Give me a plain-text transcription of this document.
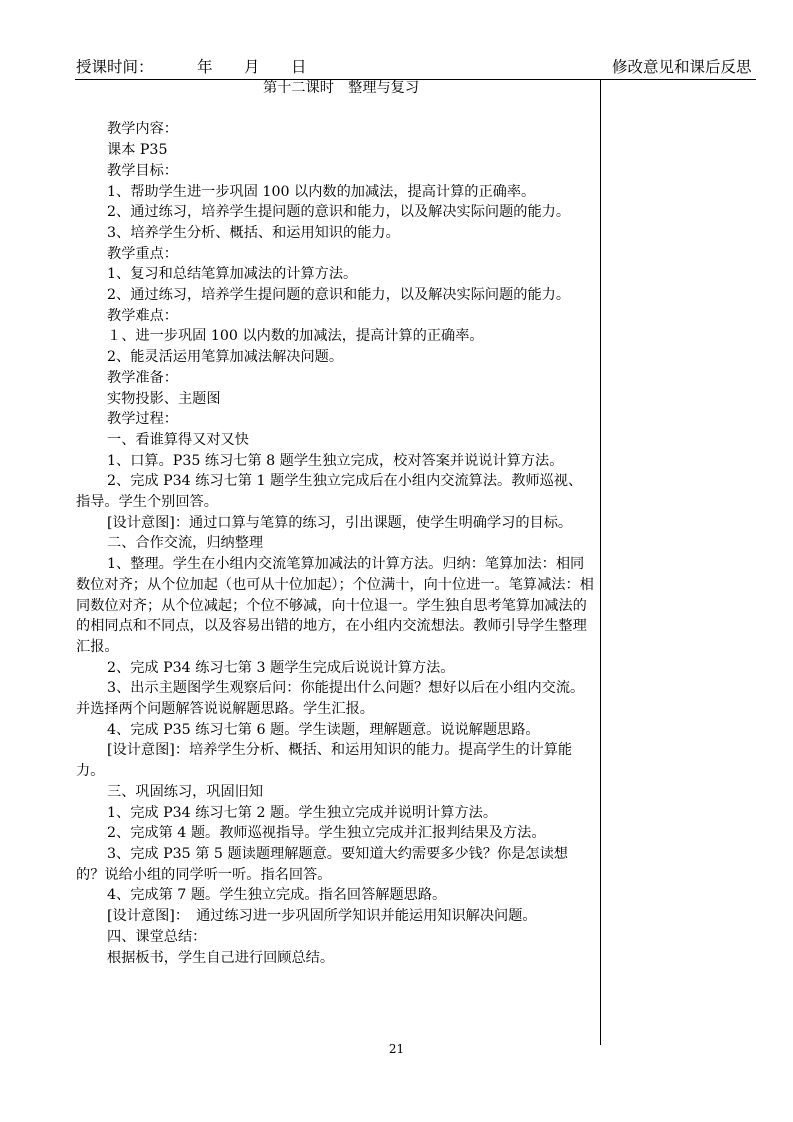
授课时间：	年 月 日	修改意见和课后反思

第十二课时　整理与复习

教学内容：

课本 P35

教学目标：

1、帮助学生进一步巩固 100 以内数的加减法，提高计算的正确率。

2、通过练习，培养学生提问题的意识和能力，以及解决实际问题的能力。

3、培养学生分析、概括、和运用知识的能力。

教学重点：

1、复习和总结笔算加减法的计算方法。

2、通过练习，培养学生提问题的意识和能力，以及解决实际问题的能力。

教学难点：

１、进一步巩固 100 以内数的加减法，提高计算的正确率。

2、能灵活运用笔算加减法解决问题。

教学准备：

实物投影、主题图

教学过程：

一、看谁算得又对又快

1、口算。P35 练习七第 8 题学生独立完成，校对答案并说说计算方法。

2、完成 P34 练习七第 1 题学生独立完成后在小组内交流算法。教师巡视、指导。学生个别回答。

[设计意图]：通过口算与笔算的练习，引出课题，使学生明确学习的目标。

二、合作交流，归纳整理

1、整理。学生在小组内交流笔算加减法的计算方法。归纳：笔算加法：相同数位对齐；从个位加起（也可从十位加起）；个位满十，向十位进一。笔算减法：相同数位对齐；从个位减起；个位不够减，向十位退一。学生独自思考笔算加减法的的相同点和不同点，以及容易出错的地方，在小组内交流想法。教师引导学生整理汇报。

2、完成 P34 练习七第 3 题学生完成后说说计算方法。

3、出示主题图学生观察后问：你能提出什么问题？想好以后在小组内交流。并选择两个问题解答说说解题思路。学生汇报。

4、完成 P35 练习七第 6 题。学生读题，理解题意。说说解题思路。

[设计意图]：培养学生分析、概括、和运用知识的能力。提高学生的计算能力。

三、巩固练习，巩固旧知

1、完成 P34 练习七第 2 题。学生独立完成并说明计算方法。

2、完成第 4 题。教师巡视指导。学生独立完成并汇报判结果及方法。

3、完成 P35 第 5 题读题理解题意。要知道大约需要多少钱？你是怎读想的？说给小组的同学听一听。指名回答。

4、完成第 7 题。学生独立完成。指名回答解题思路。

[设计意图]：　通过练习进一步巩固所学知识并能运用知识解决问题。

四、课堂总结：

根据板书，学生自己进行回顾总结。

21
